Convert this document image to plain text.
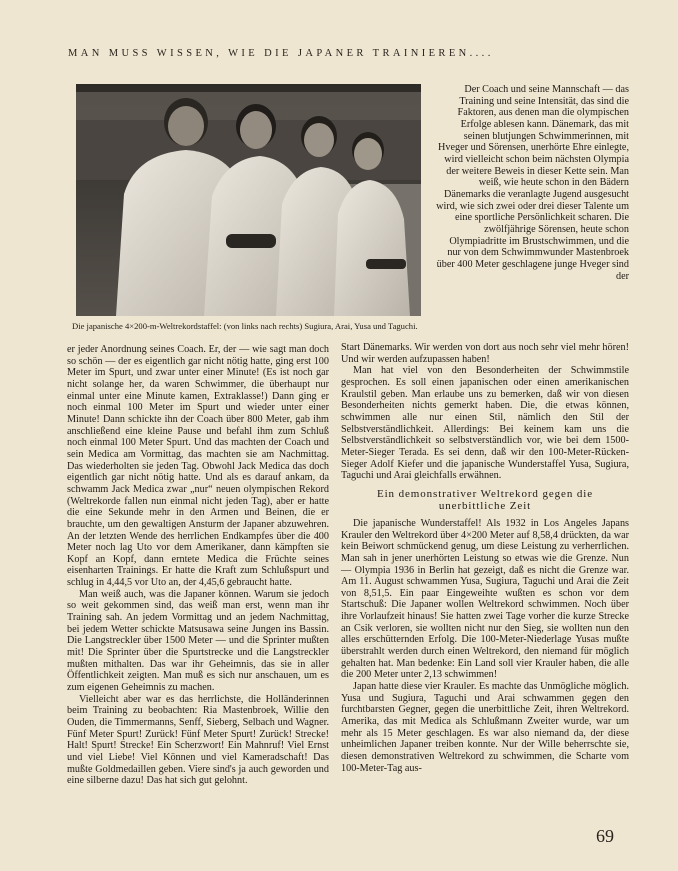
MAN MUSS WISSEN, WIE DIE JAPANER TRAINIEREN....
Die japanische 4×200-m-Weltrekordstaffel: (von links nach rechts) Sugiura, Arai, Yusa und Taguchi.

Der Coach und seine Mannschaft — das Training und seine Intensität, das sind die Faktoren, aus denen man die olympischen Erfolge ablesen kann. Dänemark, das mit seinen blutjungen Schwimmerinnen, mit Hveger und Sörensen, unerhörte Ehre einlegte, wird vielleicht schon beim nächsten Olympia der weitere Beweis in dieser Kette sein. Man weiß, wie heute schon in den Bädern Dänemarks die veranlagte Jugend ausgesucht wird, wie sich zwei oder drei dieser Talente um eine sportliche Persönlichkeit scharen. Die zwölfjährige Sörensen, heute schon Olympiadritte im Brustschwimmen, und die nur von dem Schwimmwunder Mastenbroek über 400 Meter geschlagene junge Hveger sind der

er jeder Anordnung seines Coach. Er, der — wie sagt man doch so schön — der es eigentlich gar nicht nötig hatte, ging erst 100 Meter im Spurt, und zwar unter einer Minute! (Es ist noch gar nicht solange her, da waren Schwimmer, die überhaupt nur einmal unter eine Minute kamen, Extraklasse!) Dann ging er noch einmal 100 Meter im Spurt und wieder unter einer Minute! Dann schickte ihn der Coach über 800 Meter, gab ihm anschließend eine kleine Pause und befahl ihm zum Schluß noch einmal 100 Meter Spurt. Und das machten der Coach und sein Medica am Vormittag, das machten sie am Nachmittag. Das wiederholten sie jeden Tag. Obwohl Jack Medica das doch eigentlich gar nicht nötig hatte. Und als es darauf ankam, da schwamm Jack Medica zwar „nur“ neuen olympischen Rekord (Weltrekorde fallen nun einmal nicht jeden Tag), aber er hatte die eine Sekunde mehr in den Armen und Beinen, die er brauchte, um den gewaltigen Ansturm der Japaner abzuwehren. An der letzten Wende des herrlichen Endkampfes über die 400 Meter noch lag Uto vor dem Amerikaner, dann kämpften sie Kopf an Kopf, dann erntete Medica die Früchte seines eisenharten Trainings. Er hatte die Kraft zum Schlußspurt und schlug in 4,44,5 vor Uto an, der 4,45,6 gebraucht hatte.

Man weiß auch, was die Japaner können. Warum sie jedoch so weit gekommen sind, das weiß man erst, wenn man ihr Training sah. An jedem Vormittag und an jedem Nachmittag, bei jedem Wetter schickte Matsusawa seine Jungen ins Bassin. Die Langstreckler über 1500 Meter — und die Sprinter mußten mit! Die Sprinter über die Spurtstrecke und die Langstreckler mußten mithalten. Das war ihr Geheimnis, das sie in aller Öffentlichkeit zeigten. Man muß es sich nur anschauen, um es zum eigenen Geheimnis zu machen.

Vielleicht aber war es das herrlichste, die Holländerinnen beim Training zu beobachten: Ria Mastenbroek, Willie den Ouden, die Timmermanns, Senff, Sieberg, Selbach und Wagner. Fünf Meter Spurt! Zurück! Fünf Meter Spurt! Zurück! Strecke! Halt! Spurt! Strecke! Ein Scherzwort! Ein Mahnruf! Viel Ernst und viel Liebe! Viel Können und viel Kameradschaft! Das mußte Goldmedaillen geben. Viere sind's ja auch geworden und eine silberne dazu! Das hat sich gut gelohnt.

Start Dänemarks. Wir werden von dort aus noch sehr viel mehr hören! Und wir werden aufzupassen haben!

Man hat viel von den Besonderheiten der Schwimmstile gesprochen. Es soll einen japanischen oder einen amerikanischen Kraulstil geben. Man erlaube uns zu bemerken, daß wir von diesen Besonderheiten nichts gemerkt haben. Die, die etwas können, schwimmen alle nur einen Stil, nämlich den Stil der Selbstverständlichkeit. Allerdings: Bei keinem kam uns die Selbstverständlichkeit so selbstverständlich vor, wie bei dem 1500-Meter-Sieger Terada. Es sei denn, daß wir den 100-Meter-Rücken-Sieger Adolf Kiefer und die japanische Wunderstaffel Yusa, Sugiura, Taguchi und Arai gleichfalls erwähnen.

Ein demonstrativer Weltrekord gegen die
unerbittliche Zeit

Die japanische Wunderstaffel! Als 1932 in Los Angeles Japans Krauler den Weltrekord über 4×200 Meter auf 8,58,4 drückten, da war kein Beiwort schmückend genug, um diese Leistung zu verherrlichen. Man sah in jener unerhörten Leistung so etwas wie die Grenze. Nun — Olympia 1936 in Berlin hat gezeigt, daß es nicht die Grenze war. Am 11. August schwammen Yusa, Sugiura, Taguchi und Arai die Zeit von 8,51,5. Ein paar Eingeweihte wußten es schon vor dem Startschuß: Die Japaner wollen Weltrekord schwimmen. Noch über ihre Vorlaufzeit hinaus! Sie hatten zwei Tage vorher die kurze Strecke an Csik verloren, sie wollten nicht nur den Sieg, sie wollten nun den alles erschütternden Erfolg. Die 100-Meter-Niederlage Yusas mußte überstrahlt werden durch einen Weltrekord, den niemand für möglich gehalten hat. Man bedenke: Ein Land soll vier Krauler haben, die alle die 200 Meter unter 2,13 schwimmen!

Japan hatte diese vier Krauler. Es machte das Unmögliche möglich. Yusa und Sugiura, Taguchi und Arai schwammen gegen den furchtbarsten Gegner, gegen die unerbittliche Zeit, ihren Weltrekord. Amerika, das mit Medica als Schlußmann Zweiter wurde, war um mehr als 15 Meter geschlagen. Es war also niemand da, der diese unheimlichen Japaner treiben konnte. Nur der Wille beherrschte sie, diesen demonstrativen Weltrekord zu schwimmen, die Scharte vom 100-Meter-Tag aus-

69
